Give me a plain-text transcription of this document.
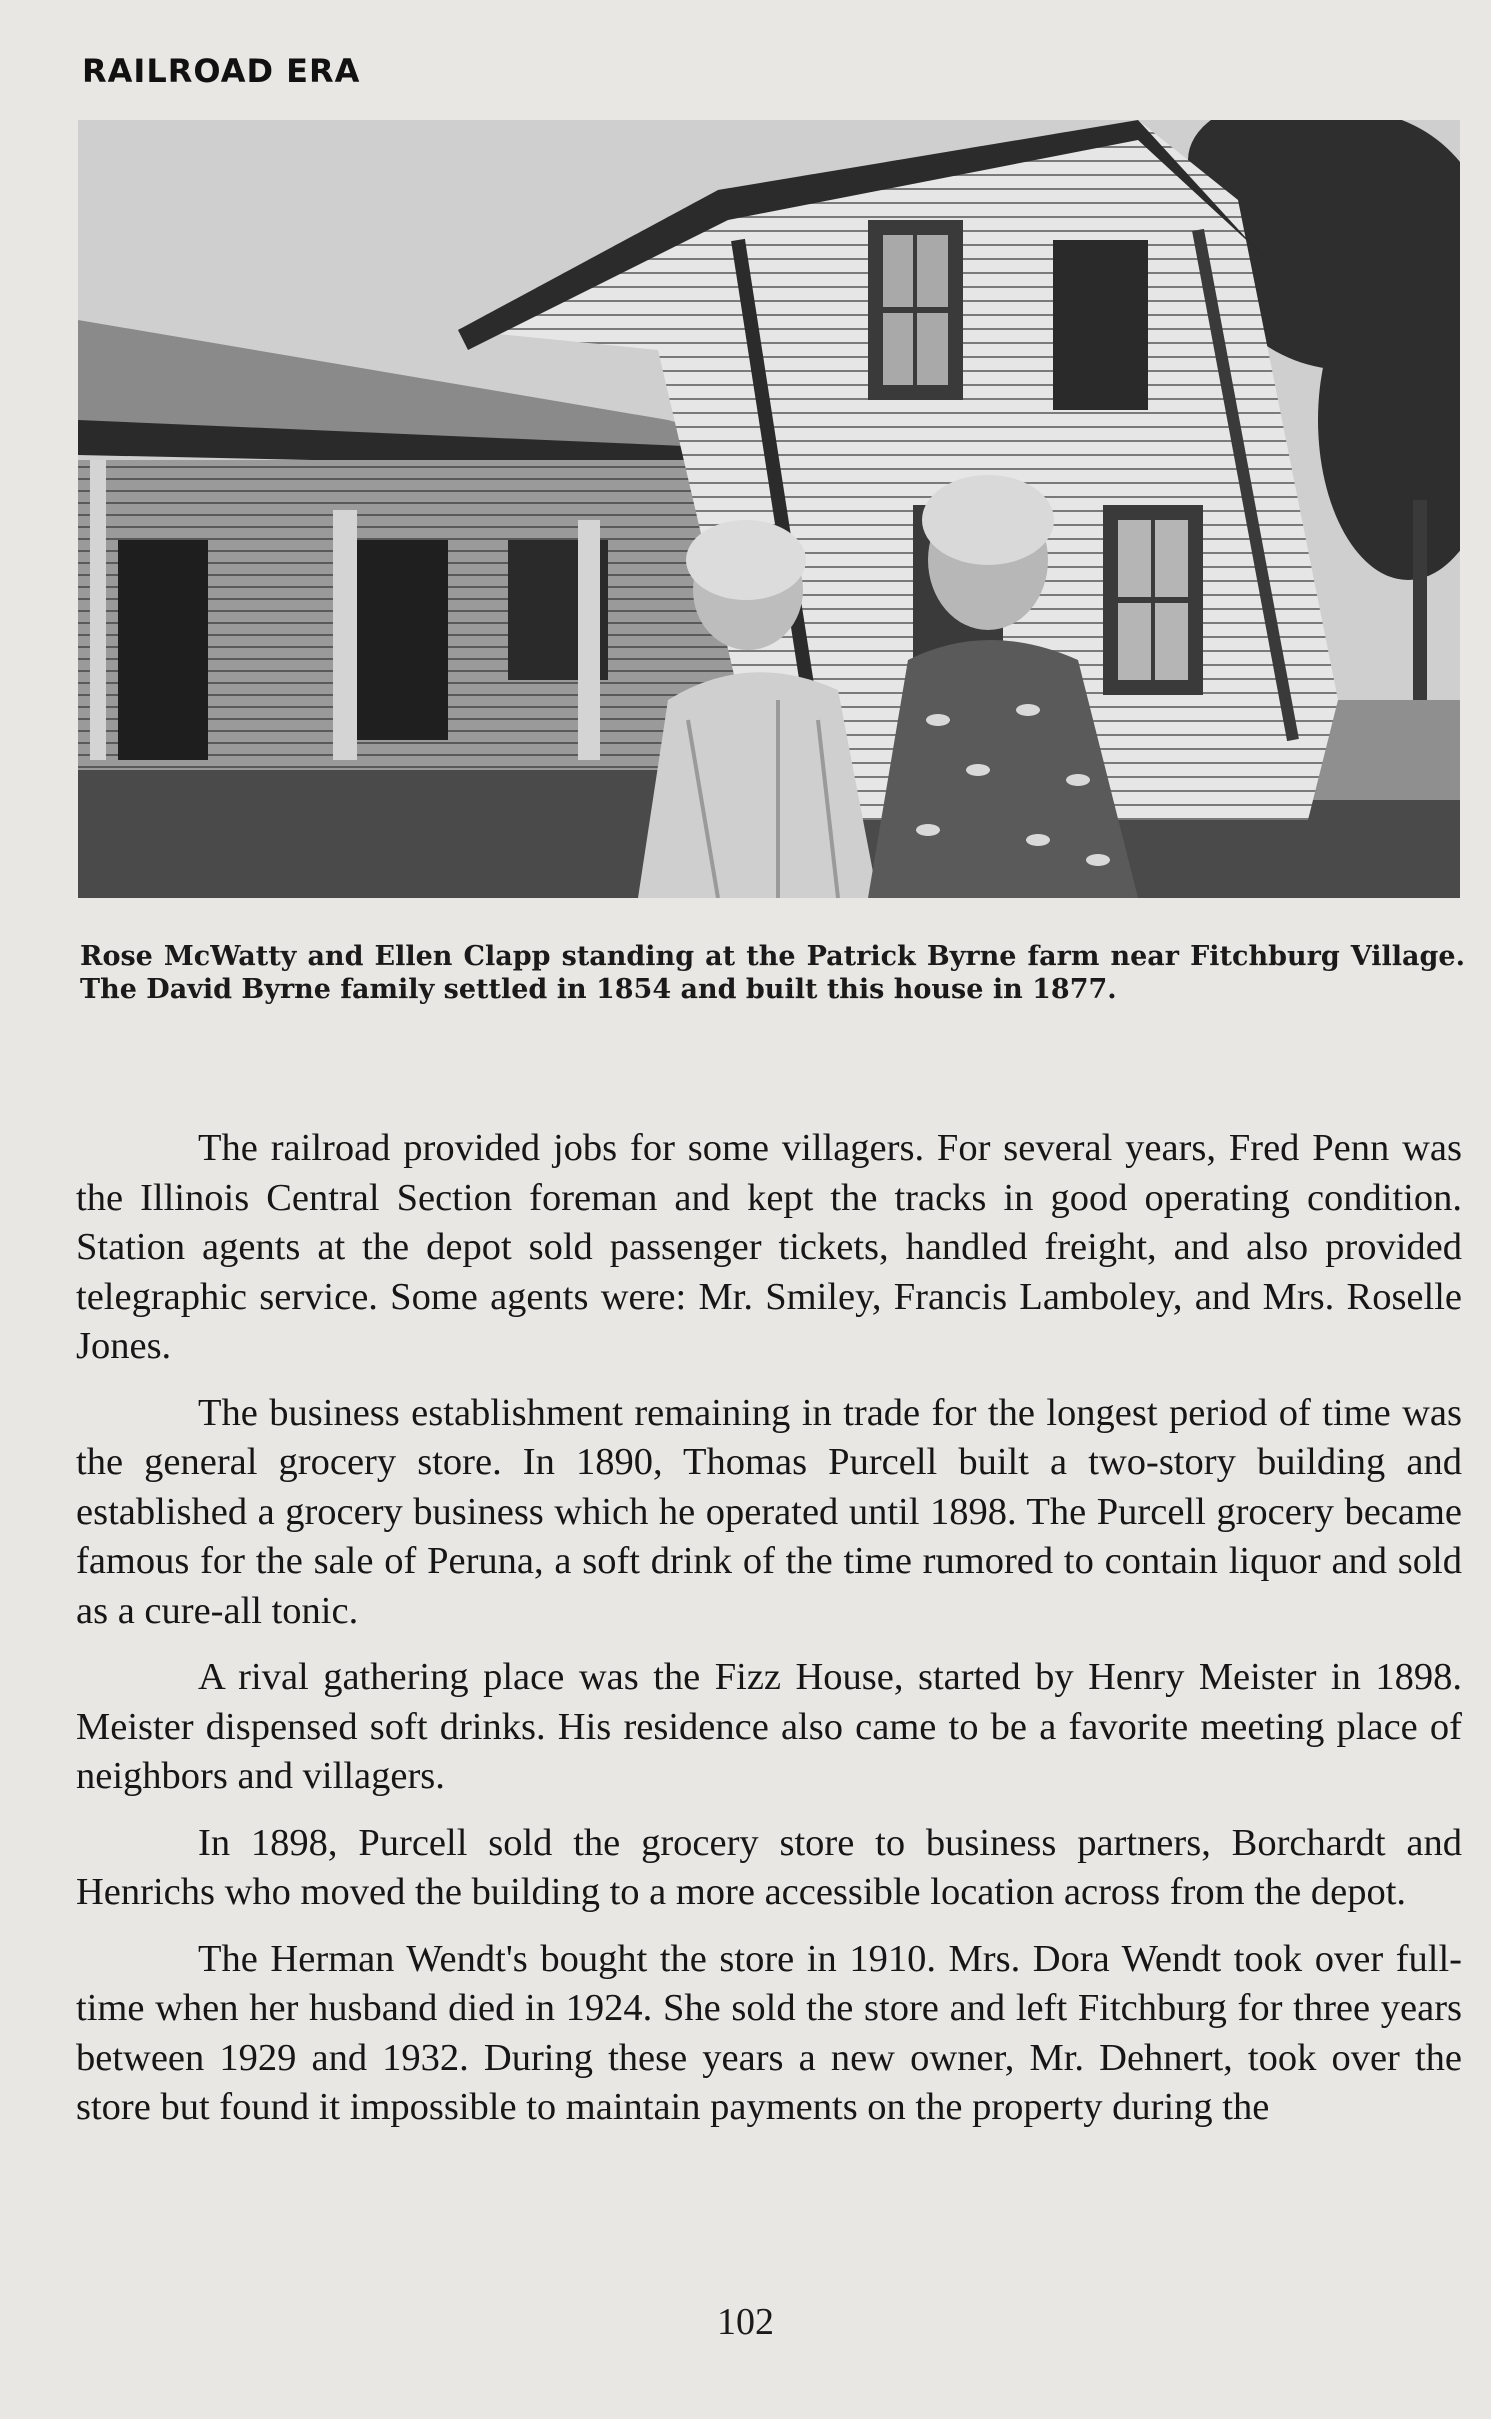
RAILROAD ERA
Rose McWatty and Ellen Clapp standing at the Patrick Byrne farm near Fitchburg Village. The David Byrne family settled in 1854 and built this house in 1877.

The railroad provided jobs for some villagers. For several years, Fred Penn was the Illinois Central Section foreman and kept the tracks in good operating condition. Station agents at the depot sold passenger tickets, handled freight, and also provided telegraphic service. Some agents were: Mr. Smiley, Francis Lamboley, and Mrs. Roselle Jones.

The business establishment remaining in trade for the longest period of time was the general grocery store. In 1890, Thomas Purcell built a two-story building and established a grocery business which he operated until 1898. The Purcell grocery became famous for the sale of Peruna, a soft drink of the time rumored to contain liquor and sold as a cure-all tonic.

A rival gathering place was the Fizz House, started by Henry Meister in 1898. Meister dispensed soft drinks. His residence also came to be a favorite meeting place of neighbors and villagers.

In 1898, Purcell sold the grocery store to business partners, Borchardt and Henrichs who moved the building to a more accessible location across from the depot.

The Herman Wendt's bought the store in 1910. Mrs. Dora Wendt took over full-time when her husband died in 1924. She sold the store and left Fitchburg for three years between 1929 and 1932. During these years a new owner, Mr. Dehnert, took over the store but found it impossible to maintain payments on the property during the

102
